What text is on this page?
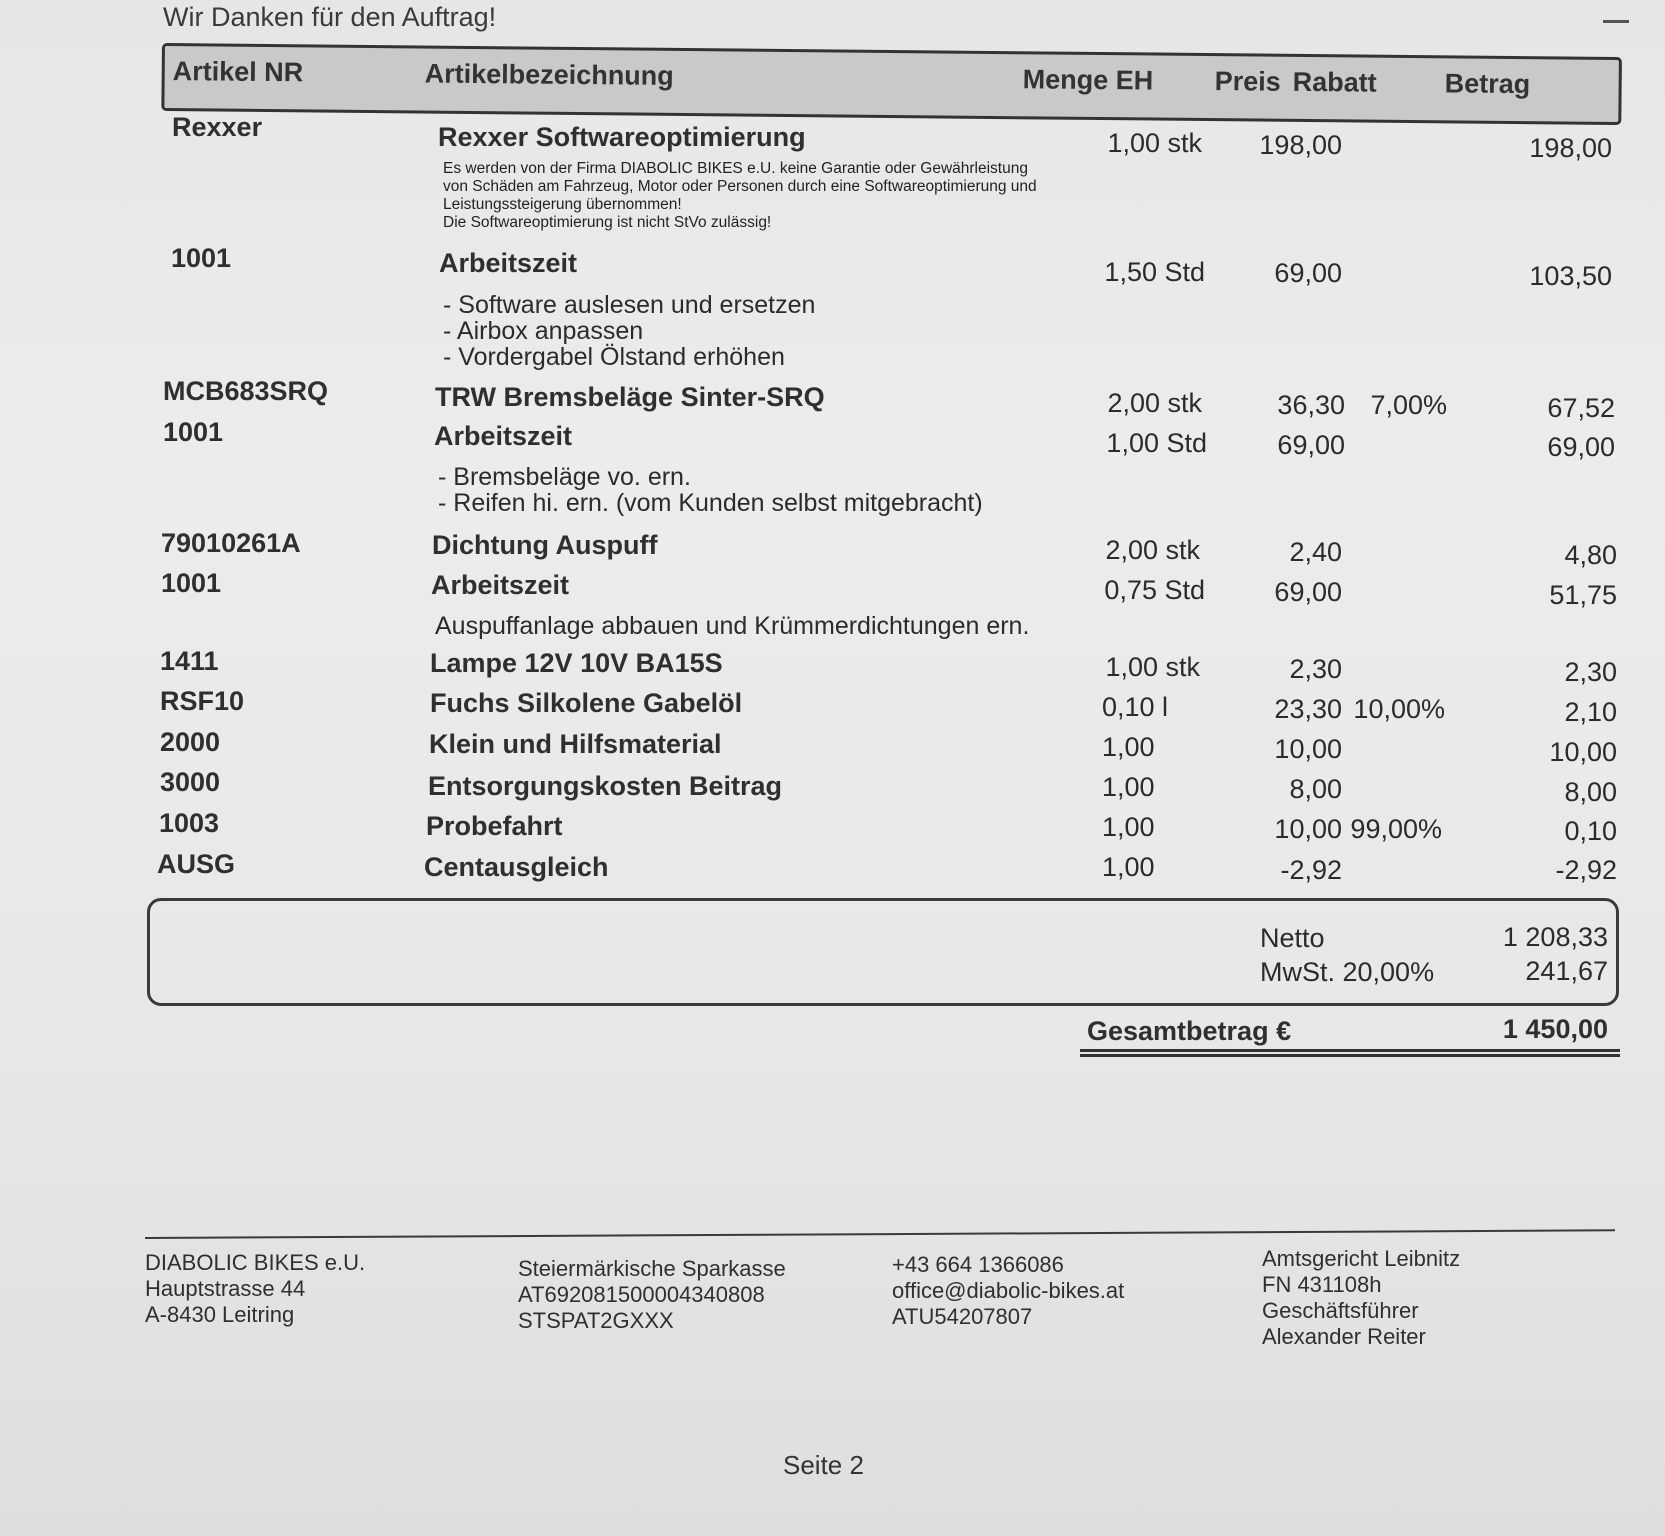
Wir Danken für den Auftrag!
Artikel NR	Artikelbezeichnung	Menge EH Preis Rabatt	Betrag
Rexxer	Rexxer Softwareoptimierung	1,00 stk	198,00	198,00
Es werden von der Firma DIABOLIC BIKES e.U. keine Garantie oder Gewährleistung
von Schäden am Fahrzeug, Motor oder Personen durch eine Softwareoptimierung und
Leistungssteigerung übernommen!
Die Softwareoptimierung ist nicht StVo zulässig!
1001	Arbeitszeit	1,50 Std	69,00	103,50
- Software auslesen und ersetzen
- Airbox anpassen
- Vordergabel Ölstand erhöhen
MCB683SRQ	TRW Bremsbeläge Sinter-SRQ	2,00 stk	36,30 7,00%	67,52
1001	Arbeitszeit	1,00 Std	69,00	69,00
- Bremsbeläge vo. ern.
- Reifen hi. ern. (vom Kunden selbst mitgebracht)
79010261A	Dichtung Auspuff	2,00 stk	2,40	4,80
1001	Arbeitszeit	0,75 Std	69,00	51,75
Auspuffanlage abbauen und Krümmerdichtungen ern.
1411	Lampe 12V 10V BA15S	1,00 stk	2,30	2,30
RSF10	Fuchs Silkolene Gabelöl	0,10 l	23,30 10,00%	2,10
2000	Klein und Hilfsmaterial	1,00	10,00	10,00
3000	Entsorgungskosten Beitrag	1,00	8,00	8,00
1003	Probefahrt	1,00	10,00 99,00%	0,10
AUSG	Centausgleich	1,00	-2,92	-2,92
Netto	1 208,33
MwSt. 20,00%	241,67
Gesamtbetrag €	1 450,00
DIABOLIC BIKES e.U.
Hauptstrasse 44
A-8430 Leitring
Steiermärkische Sparkasse
AT692081500004340808
STSPAT2GXXX
+43 664 1366086
office@diabolic-bikes.at
ATU54207807
Amtsgericht Leibnitz
FN 431108h
Geschäftsführer
Alexander Reiter
Seite 2
